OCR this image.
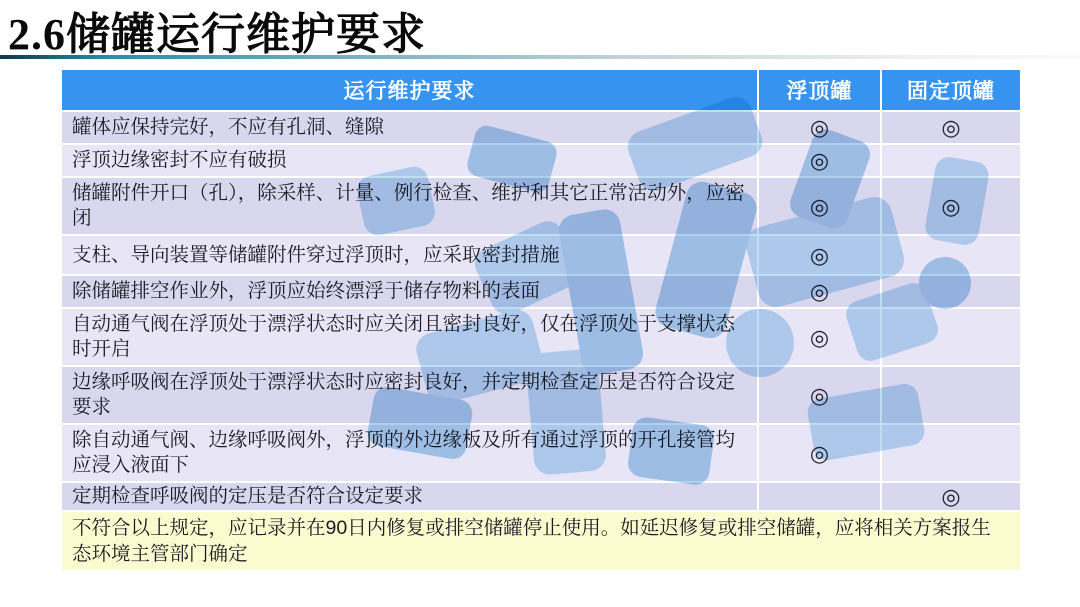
2.6储罐运行维护要求
运行维护要求	浮顶罐	固定顶罐
罐体应保持完好，不应有孔洞、缝隙	◎	◎
浮顶边缘密封不应有破损	◎	
储罐附件开口（孔），除采样、计量、例行检查、维护和其它正常活动外，应密闭	◎	◎
支柱、导向装置等储罐附件穿过浮顶时，应采取密封措施	◎	
除储罐排空作业外，浮顶应始终漂浮于储存物料的表面	◎	
自动通气阀在浮顶处于漂浮状态时应关闭且密封良好，仅在浮顶处于支撑状态时开启	◎	
边缘呼吸阀在浮顶处于漂浮状态时应密封良好，并定期检查定压是否符合设定要求	◎	
除自动通气阀、边缘呼吸阀外，浮顶的外边缘板及所有通过浮顶的开孔接管均应浸入液面下	◎	
定期检查呼吸阀的定压是否符合设定要求		◎
不符合以上规定，应记录并在90日内修复或排空储罐停止使用。如延迟修复或排空储罐，应将相关方案报生态环境主管部门确定		
